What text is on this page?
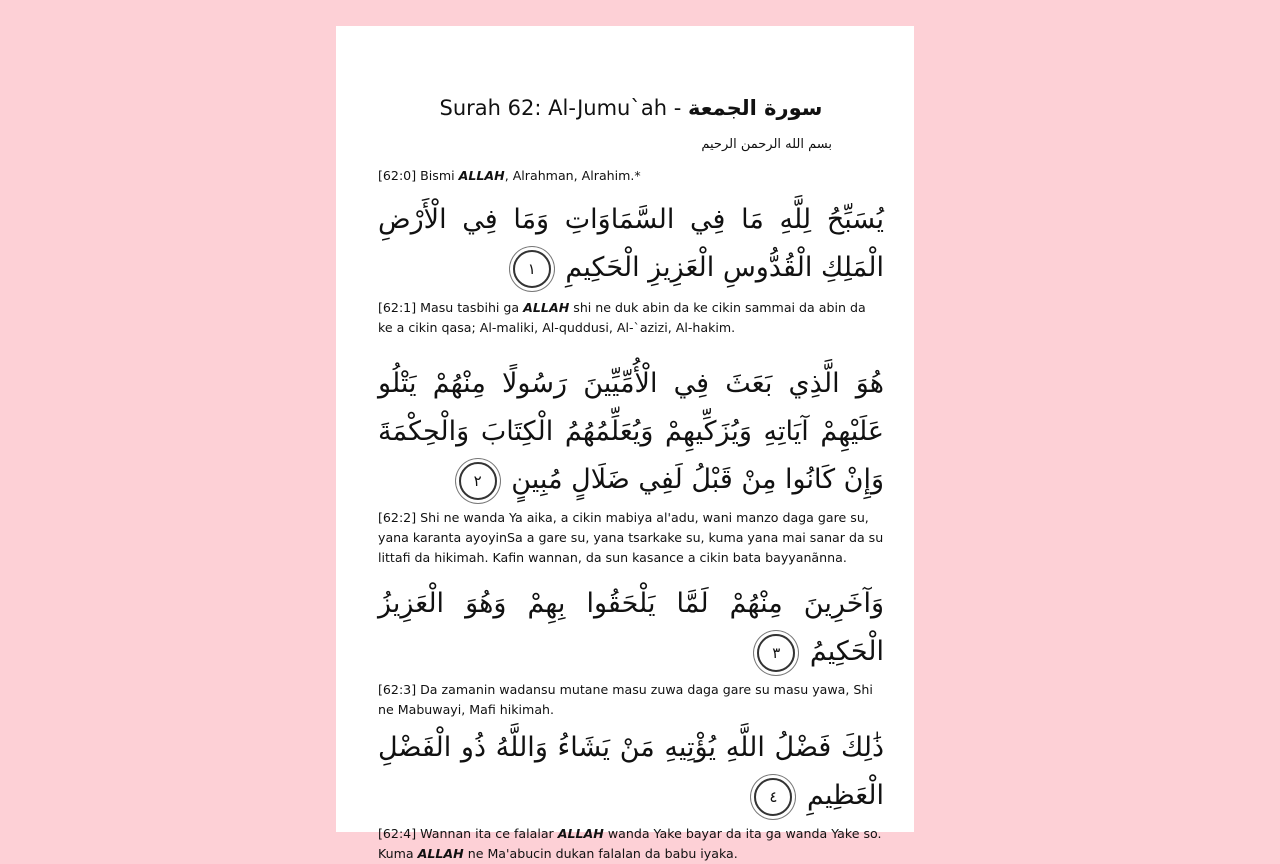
Surah 62: Al-Jumu`ah - سورة الجمعة
بسم الله الرحمن الرحيم

[62:0] Bismi ALLAH, Alrahman, Alrahim.*

يُسَبِّحُ لِلَّهِ مَا فِي السَّمَاوَاتِ وَمَا فِي الْأَرْضِ الْمَلِكِ الْقُدُّوسِ الْعَزِيزِ الْحَكِيمِ ١

[62:1] Masu tasbihi ga ALLAH shi ne duk abin da ke cikin sammai da abin da ke a cikin qasa; Al-maliki, Al-quddusi, Al-`azizi, Al-hakim.

هُوَ الَّذِي بَعَثَ فِي الْأُمِّيِّينَ رَسُولًا مِنْهُمْ يَتْلُو عَلَيْهِمْ آيَاتِهِ وَيُزَكِّيهِمْ وَيُعَلِّمُهُمُ الْكِتَابَ وَالْحِكْمَةَ وَإِنْ كَانُوا مِنْ قَبْلُ لَفِي ضَلَالٍ مُبِينٍ ٢

[62:2] Shi ne wanda Ya aika, a cikin mabiya al'adu, wani manzo daga gare su, yana karanta ayoyinSa a gare su, yana tsarkake su, kuma yana mai sanar da su littafi da hikimah. Kafin wannan, da sun kasance a cikin bata bayyanãnna.

وَآخَرِينَ مِنْهُمْ لَمَّا يَلْحَقُوا بِهِمْ وَهُوَ الْعَزِيزُ الْحَكِيمُ ٣

[62:3] Da zamanin wadansu mutane masu zuwa daga gare su masu yawa, Shi ne Mabuwayi, Mafi hikimah.

ذَٰلِكَ فَضْلُ اللَّهِ يُؤْتِيهِ مَنْ يَشَاءُ وَاللَّهُ ذُو الْفَضْلِ الْعَظِيمِ ٤

[62:4] Wannan ita ce falalar ALLAH wanda Yake bayar da ita ga wanda Yake so. Kuma ALLAH ne Ma'abucin dukan falalan da babu iyaka.
